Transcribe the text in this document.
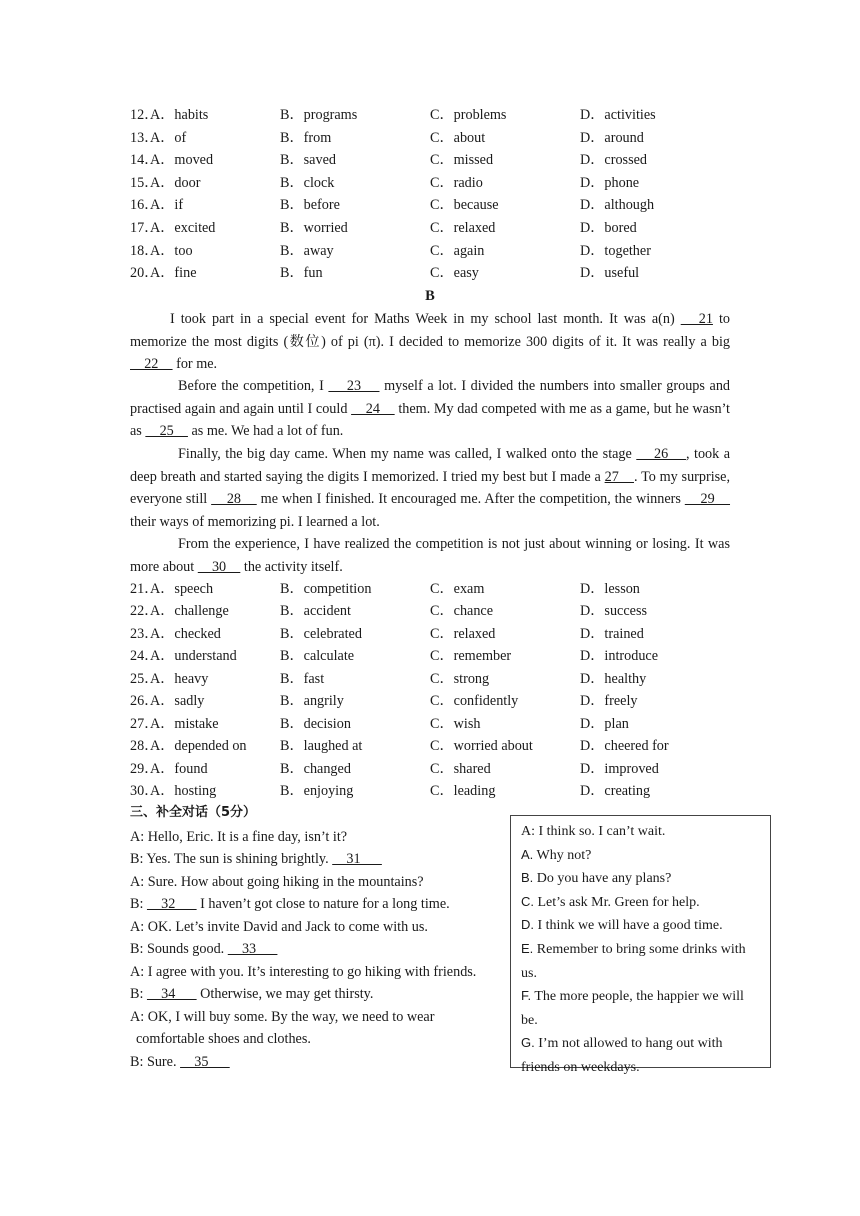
12．
A．habits	B．programs	C．problems	D．activities
13．
A．of	B．from	C．about	D．around
14．
A．moved	B．saved	C．missed	D．crossed
15．
A．door	B．clock	C．radio	D．phone
16．
A．if	B．before	C．because	D．although
17．
A．excited	B．worried	C．relaxed	D．bored
18．
A．too	B．away	C．again	D．together
20．
A．fine	B．fun	C．easy	D．useful
B
I took part in a special event for Maths Week in my school last month. It was a(n)    21 to memorize the most digits (数位) of pi (π). I decided to memorize 300 digits of it. It was really a big     22     for me.
Before the competition, I     23     myself a lot. I divided the numbers into smaller groups and practised again and again until I could     24     them. My dad competed with me as a game, but he wasn’t as     25     as me. We had a lot of fun.
Finally, the big day came. When my name was called, I walked onto the stage     26    , took a deep breath and started saying the digits I memorized. I tried my best but I made a 27    . To my surprise, everyone still     28     me when I finished. It encouraged me. After the competition, the winners     29     their ways of memorizing pi. I learned a lot.
From the experience, I have realized the competition is not just about winning or losing. It was more about     30     the activity itself.
21．
A．speech	B．competition	C．exam	D．lesson
22．
A．challenge	B．accident	C．chance	D．success
23．
A．checked	B．celebrated	C．relaxed	D．trained
24．
A．understand	B．calculate	C．remember	D．introduce
25．
A．heavy	B．fast	C．strong	D．healthy
26．
A．sadly	B．angrily	C．confidently	D．freely
27．
A．mistake	B．decision	C．wish	D．plan
28．
A．depended on B．laughed at	C．worried about	D．cheered for
29．
A．found	B．changed	C．shared	D．improved
30．
A．hosting	B．enjoying	C．leading	D．creating
三、补全对话（5分）
A: Hello, Eric. It is a fine day, isn’t it?
B: Yes. The sun is shining brightly.     31
A: Sure. How about going hiking in the mountains?
B:     32       I haven’t got close to nature for a long time.
A: OK. Let’s invite David and Jack to come with us.
B: Sounds good.     33
A: I agree with you. It’s interesting to go hiking with friends.
B:     34       Otherwise, we may get thirsty.
A: OK, I will buy some. By the way, we need to wear
comfortable shoes and clothes.
B: Sure.     35
A: I think so. I can’t wait.
A. Why not?
B. Do you have any plans?
C. Let’s ask Mr. Green for help.
D. I think we will have a good time.
E. Remember to bring some drinks with
us.
F. The more people, the happier we will
be.
G. I’m not allowed to hang out with
friends on weekdays.
